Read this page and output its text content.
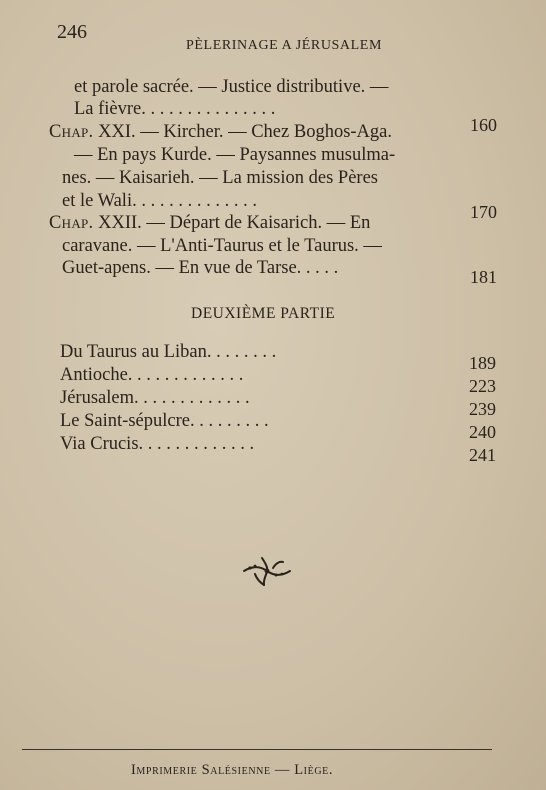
246
PÈLERINAGE A JÉRUSALEM
et parole sacrée. — Justice distributive. —
La fièvre. . . . . . . . . . . . . . .
160
Chap. XXI. — Kircher. — Chez Boghos-Aga.
— En pays Kurde. — Paysannes musulma-
nes. — Kaisarieh. — La mission des Pères
et le Wali. . . . . . . . . . . . . .
170
Chap. XXII. — Départ de Kaisarich. — En
caravane. — L'Anti-Taurus et le Taurus. —
Guet-apens. — En vue de Tarse. . . . .	181
DEUXIÈME PARTIE
Du Taurus au Liban. . . . . . . .
189
Antioche. . . . . . . . . . . . .
223
Jérusalem. . . . . . . . . . . . .
239
Le Saint-sépulcre. . . . . . . . .
240
Via Crucis. . . . . . . . . . . . .
241
Imprimerie Salésienne — Liège.
